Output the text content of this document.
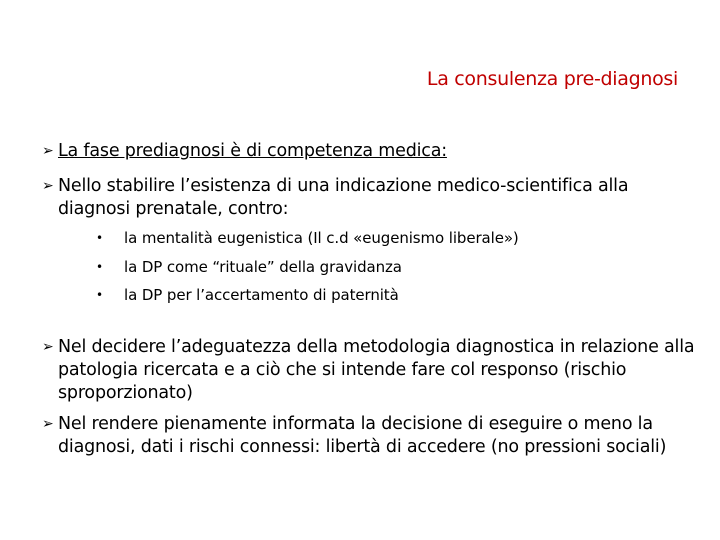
La consulenza pre-diagnosi
➢ La fase prediagnosi è di competenza medica:
➢ Nello stabilire l’esistenza di una indicazione medico-scientifica alla diagnosi prenatale, contro:
•	la mentalità eugenistica (Il c.d «eugenismo liberale»)
•	la DP come “rituale” della gravidanza
•	la DP per l’accertamento di paternità
➢ Nel decidere l’adeguatezza della metodologia diagnostica in relazione alla patologia ricercata e a ciò che si intende fare col responso (rischio sproporzionato)
➢ Nel rendere pienamente informata la decisione di eseguire o meno la diagnosi, dati i rischi connessi: libertà di accedere (no pressioni sociali)
